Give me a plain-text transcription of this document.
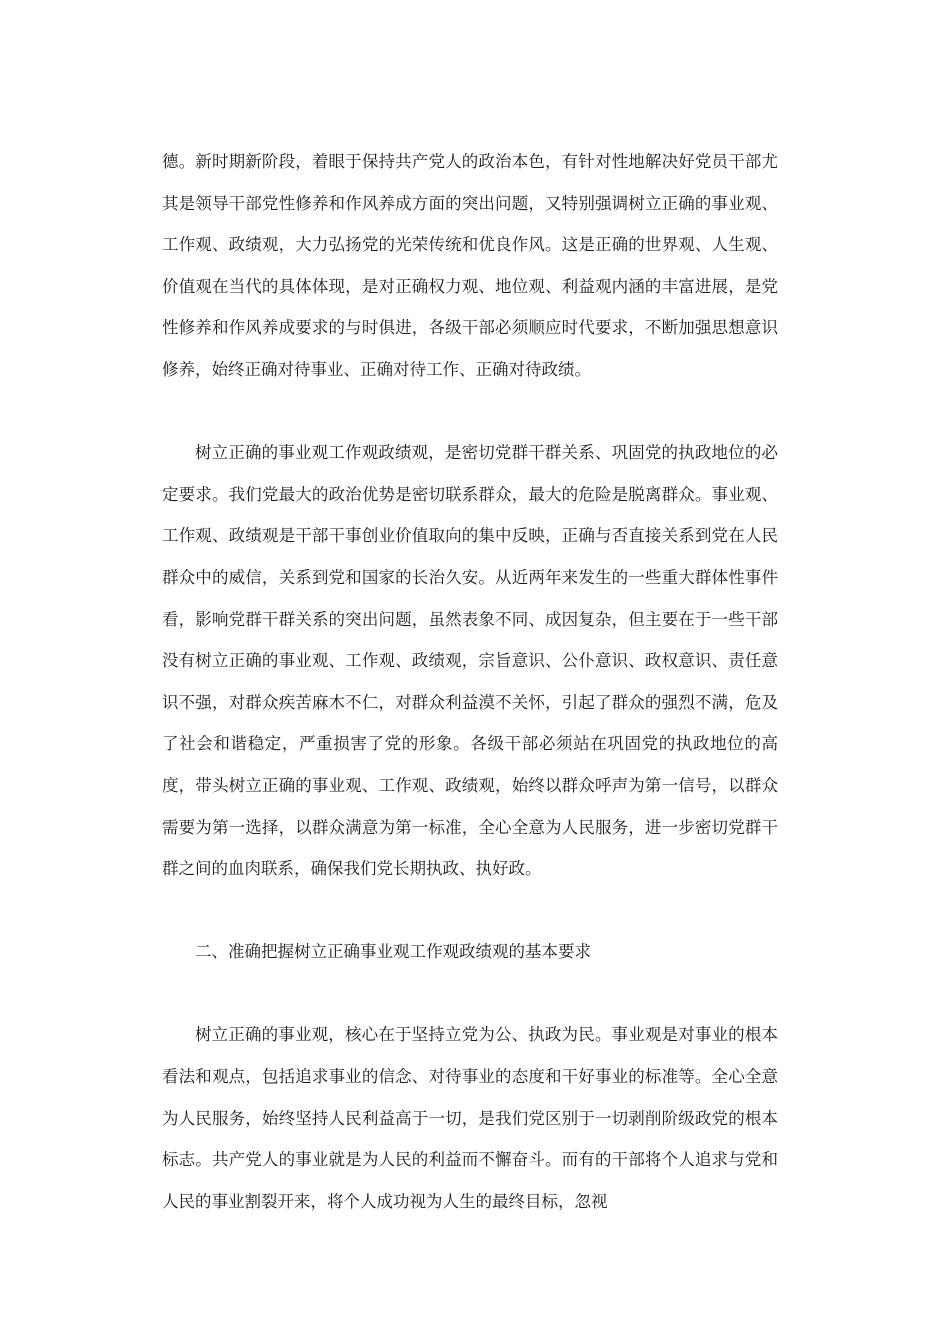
德。新时期新阶段，着眼于保持共产党人的政治本色，有针对性地解决好党员干部尤其是领导干部党性修养和作风养成方面的突出问题，又特别强调树立正确的事业观、工作观、政绩观，大力弘扬党的光荣传统和优良作风。这是正确的世界观、人生观、价值观在当代的具体体现，是对正确权力观、地位观、利益观内涵的丰富进展，是党性修养和作风养成要求的与时俱进，各级干部必须顺应时代要求，不断加强思想意识修养，始终正确对待事业、正确对待工作、正确对待政绩。

树立正确的事业观工作观政绩观，是密切党群干群关系、巩固党的执政地位的必定要求。我们党最大的政治优势是密切联系群众，最大的危险是脱离群众。事业观、工作观、政绩观是干部干事创业价值取向的集中反映，正确与否直接关系到党在人民群众中的威信，关系到党和国家的长治久安。从近两年来发生的一些重大群体性事件看，影响党群干群关系的突出问题，虽然表象不同、成因复杂，但主要在于一些干部没有树立正确的事业观、工作观、政绩观，宗旨意识、公仆意识、政权意识、责任意识不强，对群众疾苦麻木不仁，对群众利益漠不关怀，引起了群众的强烈不满，危及了社会和谐稳定，严重损害了党的形象。各级干部必须站在巩固党的执政地位的高度，带头树立正确的事业观、工作观、政绩观，始终以群众呼声为第一信号，以群众需要为第一选择，以群众满意为第一标准，全心全意为人民服务，进一步密切党群干群之间的血肉联系，确保我们党长期执政、执好政。

二、准确把握树立正确事业观工作观政绩观的基本要求

树立正确的事业观，核心在于坚持立党为公、执政为民。事业观是对事业的根本看法和观点，包括追求事业的信念、对待事业的态度和干好事业的标准等。全心全意为人民服务，始终坚持人民利益高于一切，是我们党区别于一切剥削阶级政党的根本标志。共产党人的事业就是为人民的利益而不懈奋斗。而有的干部将个人追求与党和人民的事业割裂开来，将个人成功视为人生的最终目标，忽视
